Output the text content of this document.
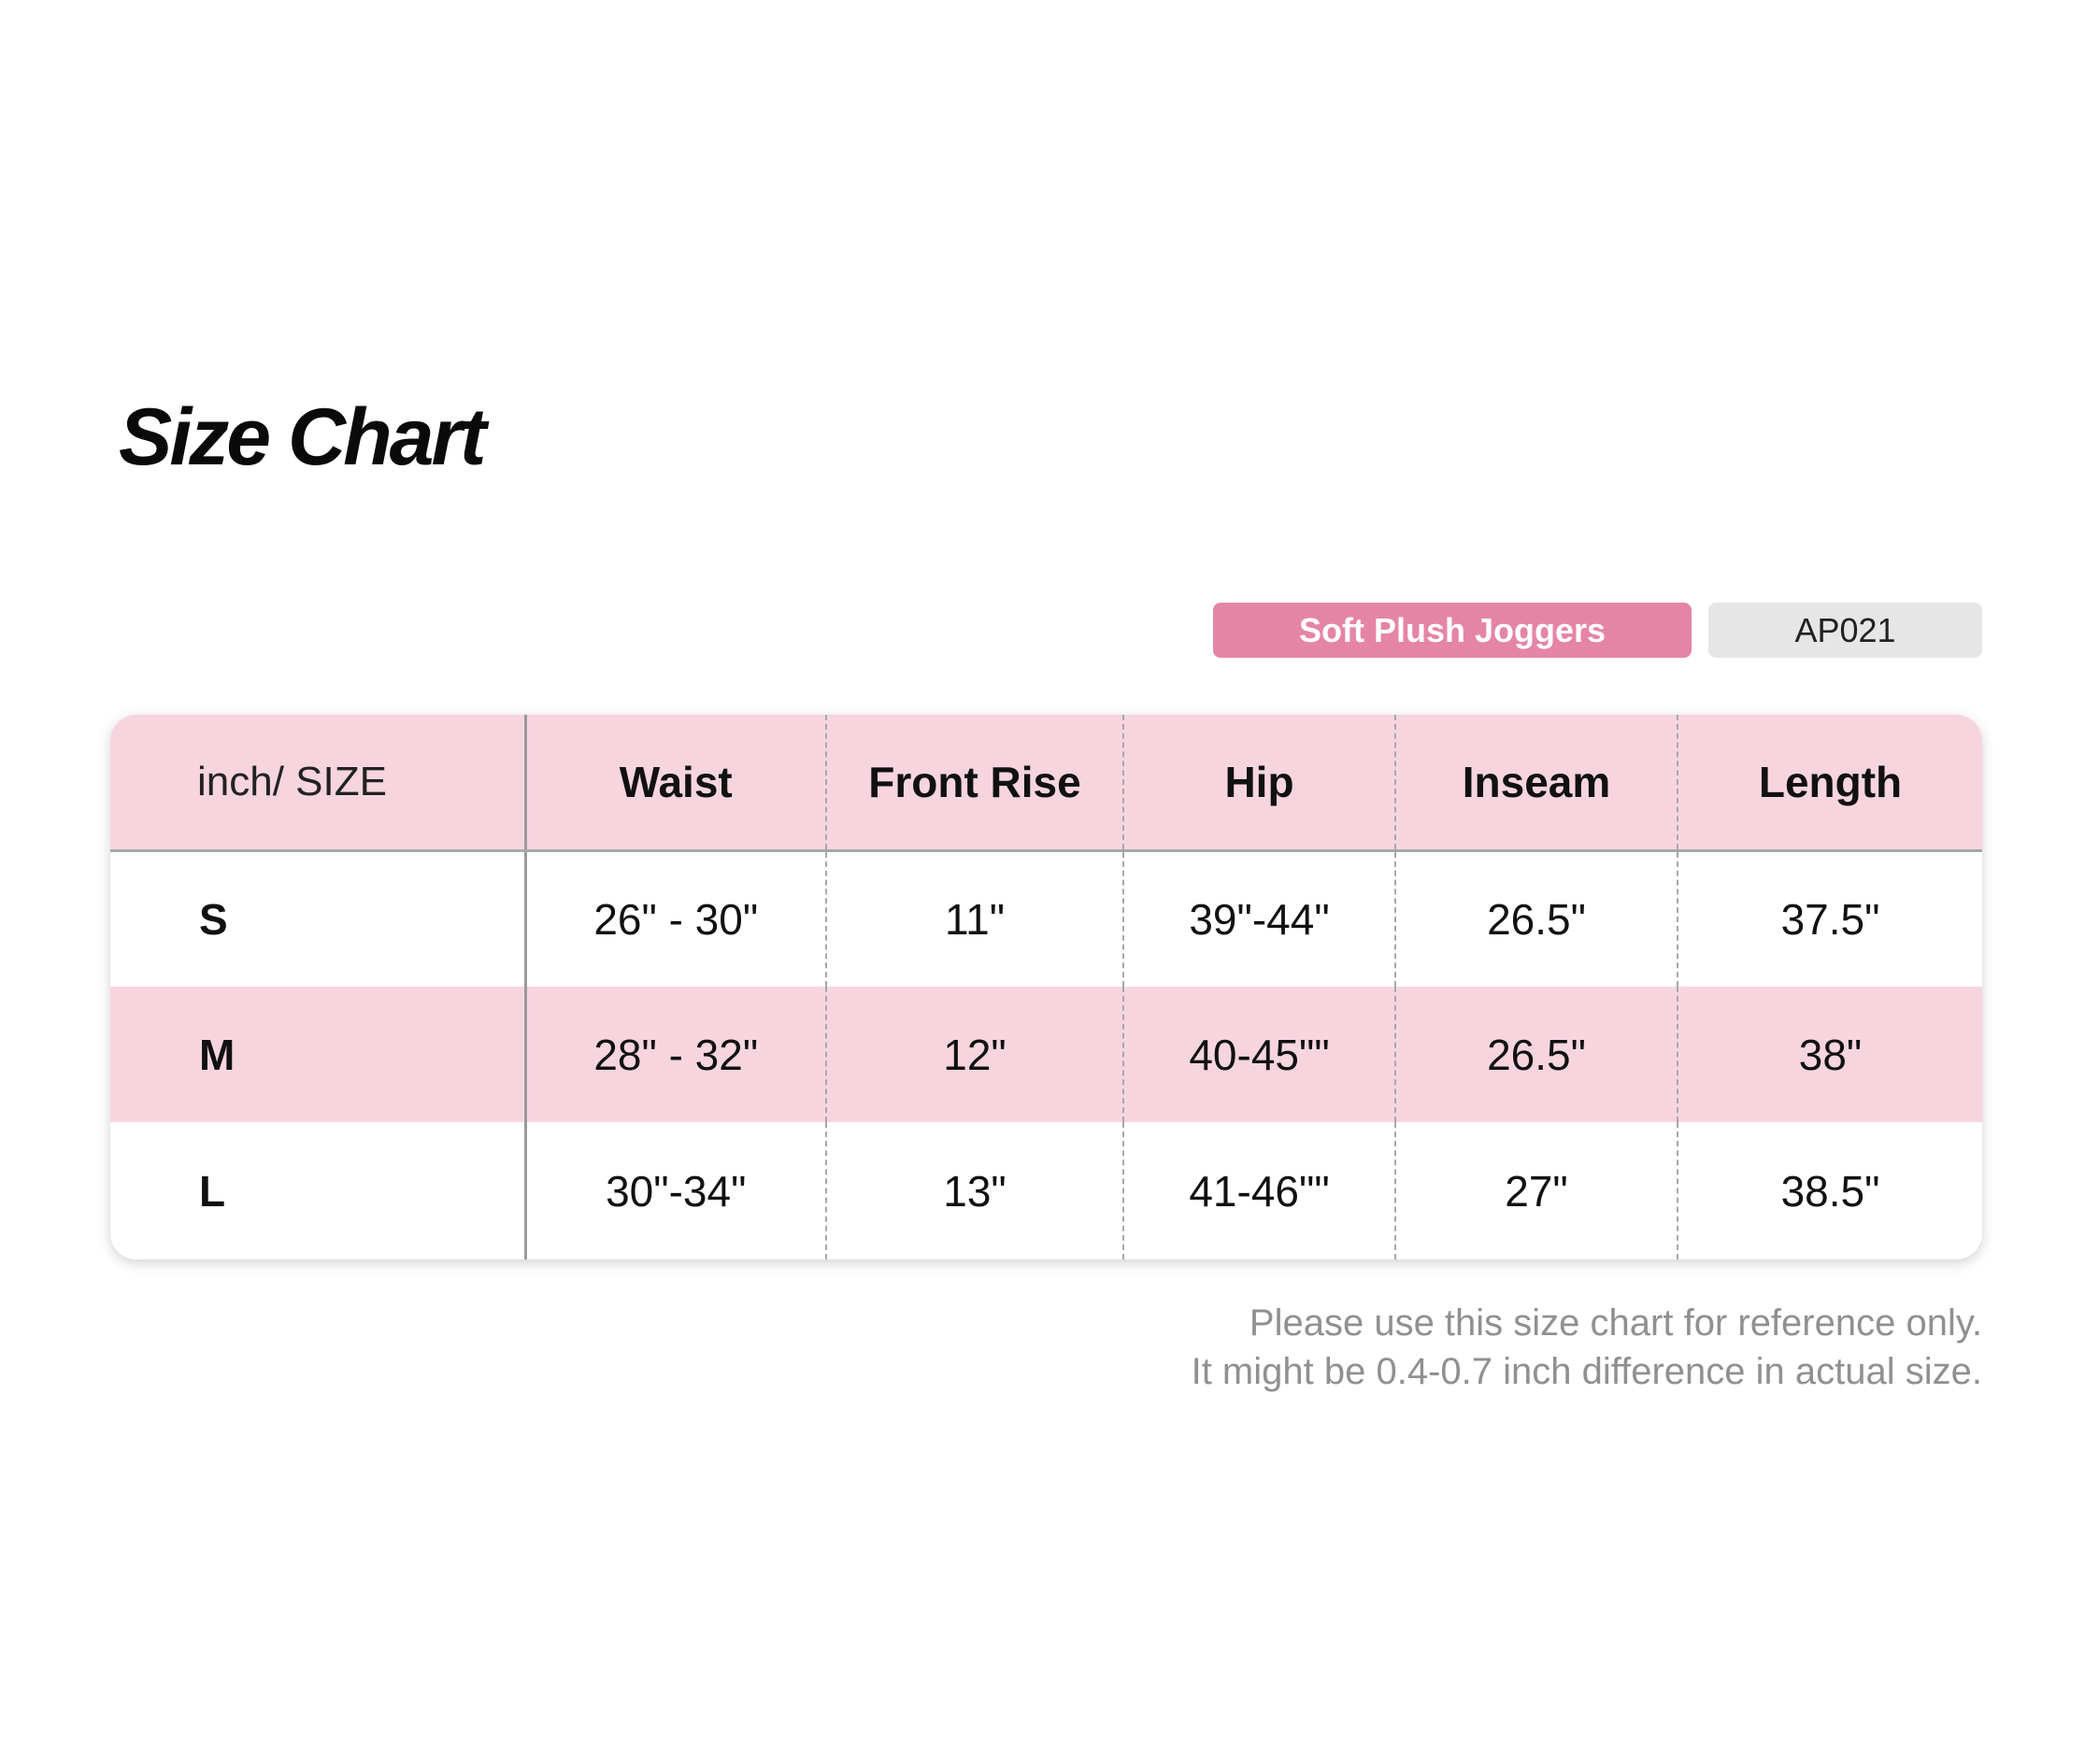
Size Chart
Soft Plush Joggers	AP021
inch/ SIZE	Waist	Front Rise	Hip	Inseam	Length
S	26" - 30"	11"	39"-44"	26.5"	37.5"
M	28" - 32"	12"	40-45""	26.5"	38"
L	30"-34"	13"	41-46""	27"	38.5"
Please use this size chart for reference only.
It might be 0.4-0.7 inch difference in actual size.
